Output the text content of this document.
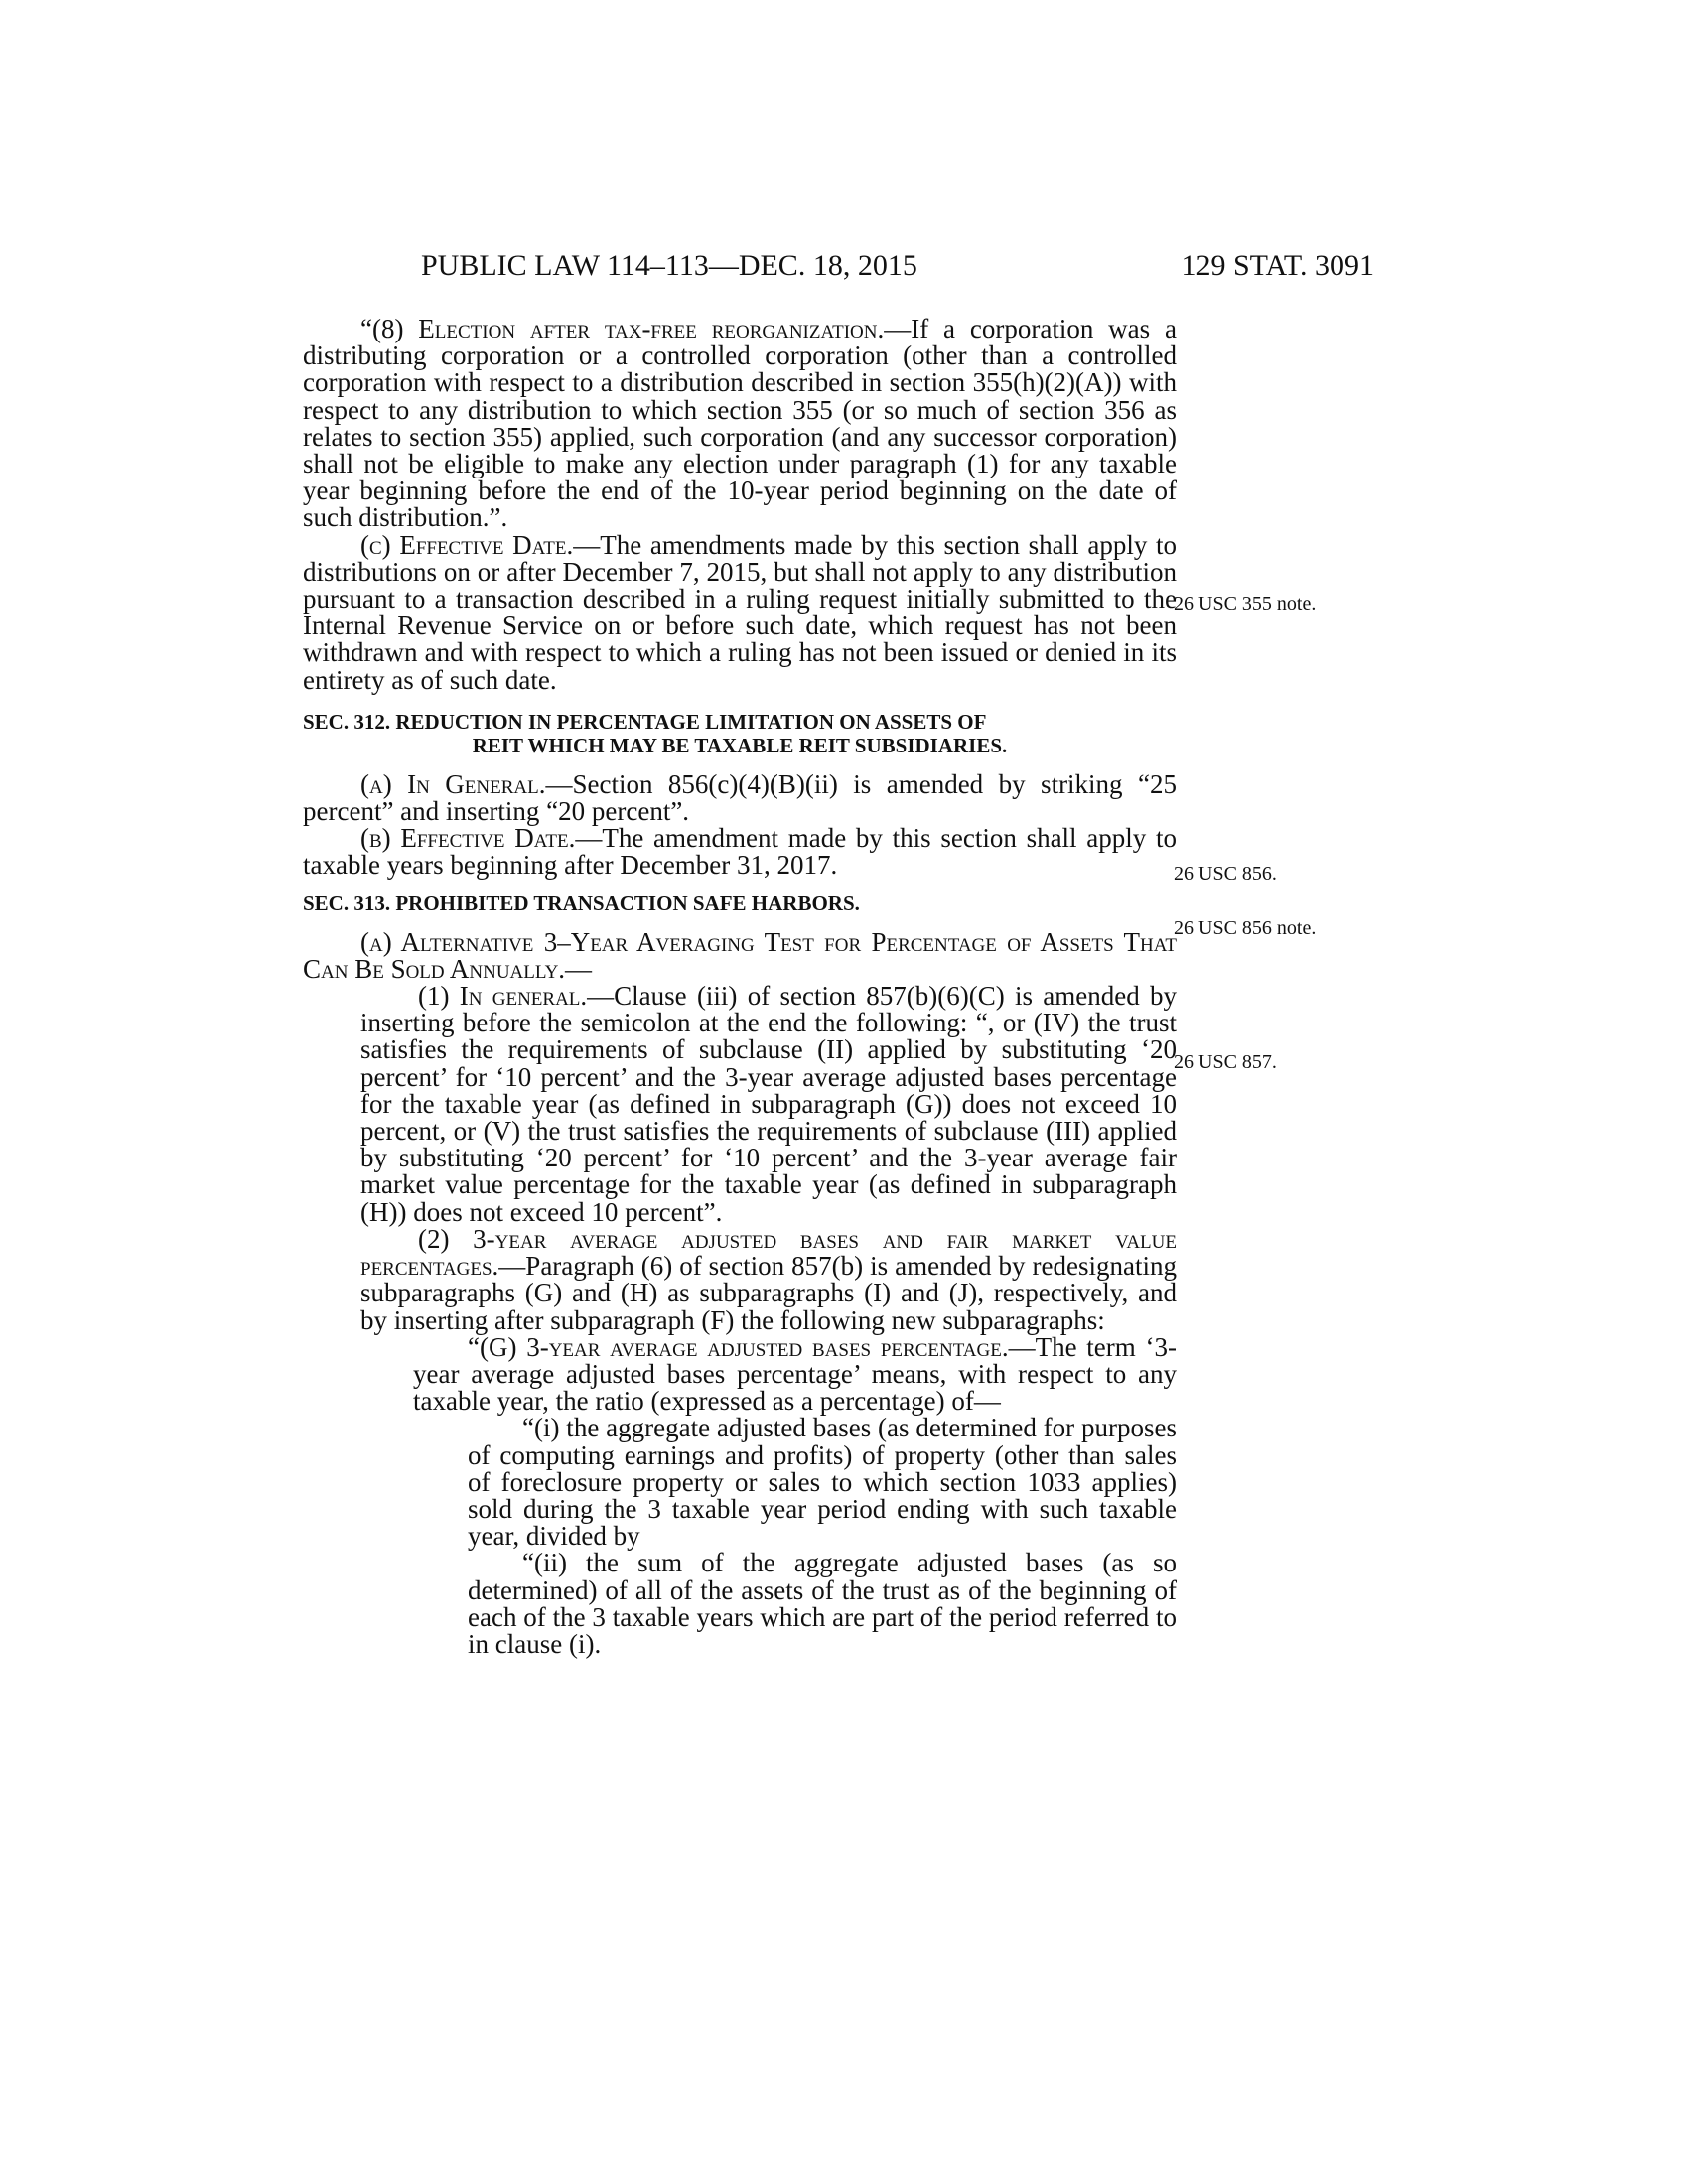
PUBLIC LAW 114–113—DEC. 18, 2015	129 STAT. 3091
26 USC 355 note.
26 USC 856.
26 USC 856 note.
26 USC 857.

“(8) Election after tax-free reorganization.—If a corporation was a distributing corporation or a controlled corporation (other than a controlled corporation with respect to a distribution described in section 355(h)(2)(A)) with respect to any distribution to which section 355 (or so much of section 356 as relates to section 355) applied, such corporation (and any successor corporation) shall not be eligible to make any election under paragraph (1) for any taxable year beginning before the end of the 10-year period beginning on the date of such distribution.”.

(c) Effective Date.—The amendments made by this section shall apply to distributions on or after December 7, 2015, but shall not apply to any distribution pursuant to a transaction described in a ruling request initially submitted to the Internal Revenue Service on or before such date, which request has not been withdrawn and with respect to which a ruling has not been issued or denied in its entirety as of such date.

SEC. 312. REDUCTION IN PERCENTAGE LIMITATION ON ASSETS OF
REIT WHICH MAY BE TAXABLE REIT SUBSIDIARIES.

(a) In General.—Section 856(c)(4)(B)(ii) is amended by striking “25 percent” and inserting “20 percent”.

(b) Effective Date.—The amendment made by this section shall apply to taxable years beginning after December 31, 2017.

SEC. 313. PROHIBITED TRANSACTION SAFE HARBORS.

(a) Alternative 3–Year Averaging Test for Percentage of Assets That Can Be Sold Annually.—

(1) In general.—Clause (iii) of section 857(b)(6)(C) is amended by inserting before the semicolon at the end the following: “, or (IV) the trust satisfies the requirements of subclause (II) applied by substituting ‘20 percent’ for ‘10 percent’ and the 3-year average adjusted bases percentage for the taxable year (as defined in subparagraph (G)) does not exceed 10 percent, or (V) the trust satisfies the requirements of subclause (III) applied by substituting ‘20 percent’ for ‘10 percent’ and the 3-year average fair market value percentage for the taxable year (as defined in subparagraph (H)) does not exceed 10 percent”.

(2) 3-year average adjusted bases and fair market value percentages.—Paragraph (6) of section 857(b) is amended by redesignating subparagraphs (G) and (H) as subparagraphs (I) and (J), respectively, and by inserting after subparagraph (F) the following new subparagraphs:

“(G) 3-year average adjusted bases percentage.—The term ‘3-year average adjusted bases percentage’ means, with respect to any taxable year, the ratio (expressed as a percentage) of—

“(i) the aggregate adjusted bases (as determined for purposes of computing earnings and profits) of property (other than sales of foreclosure property or sales to which section 1033 applies) sold during the 3 taxable year period ending with such taxable year, divided by

“(ii) the sum of the aggregate adjusted bases (as so determined) of all of the assets of the trust as of the beginning of each of the 3 taxable years which are part of the period referred to in clause (i).
